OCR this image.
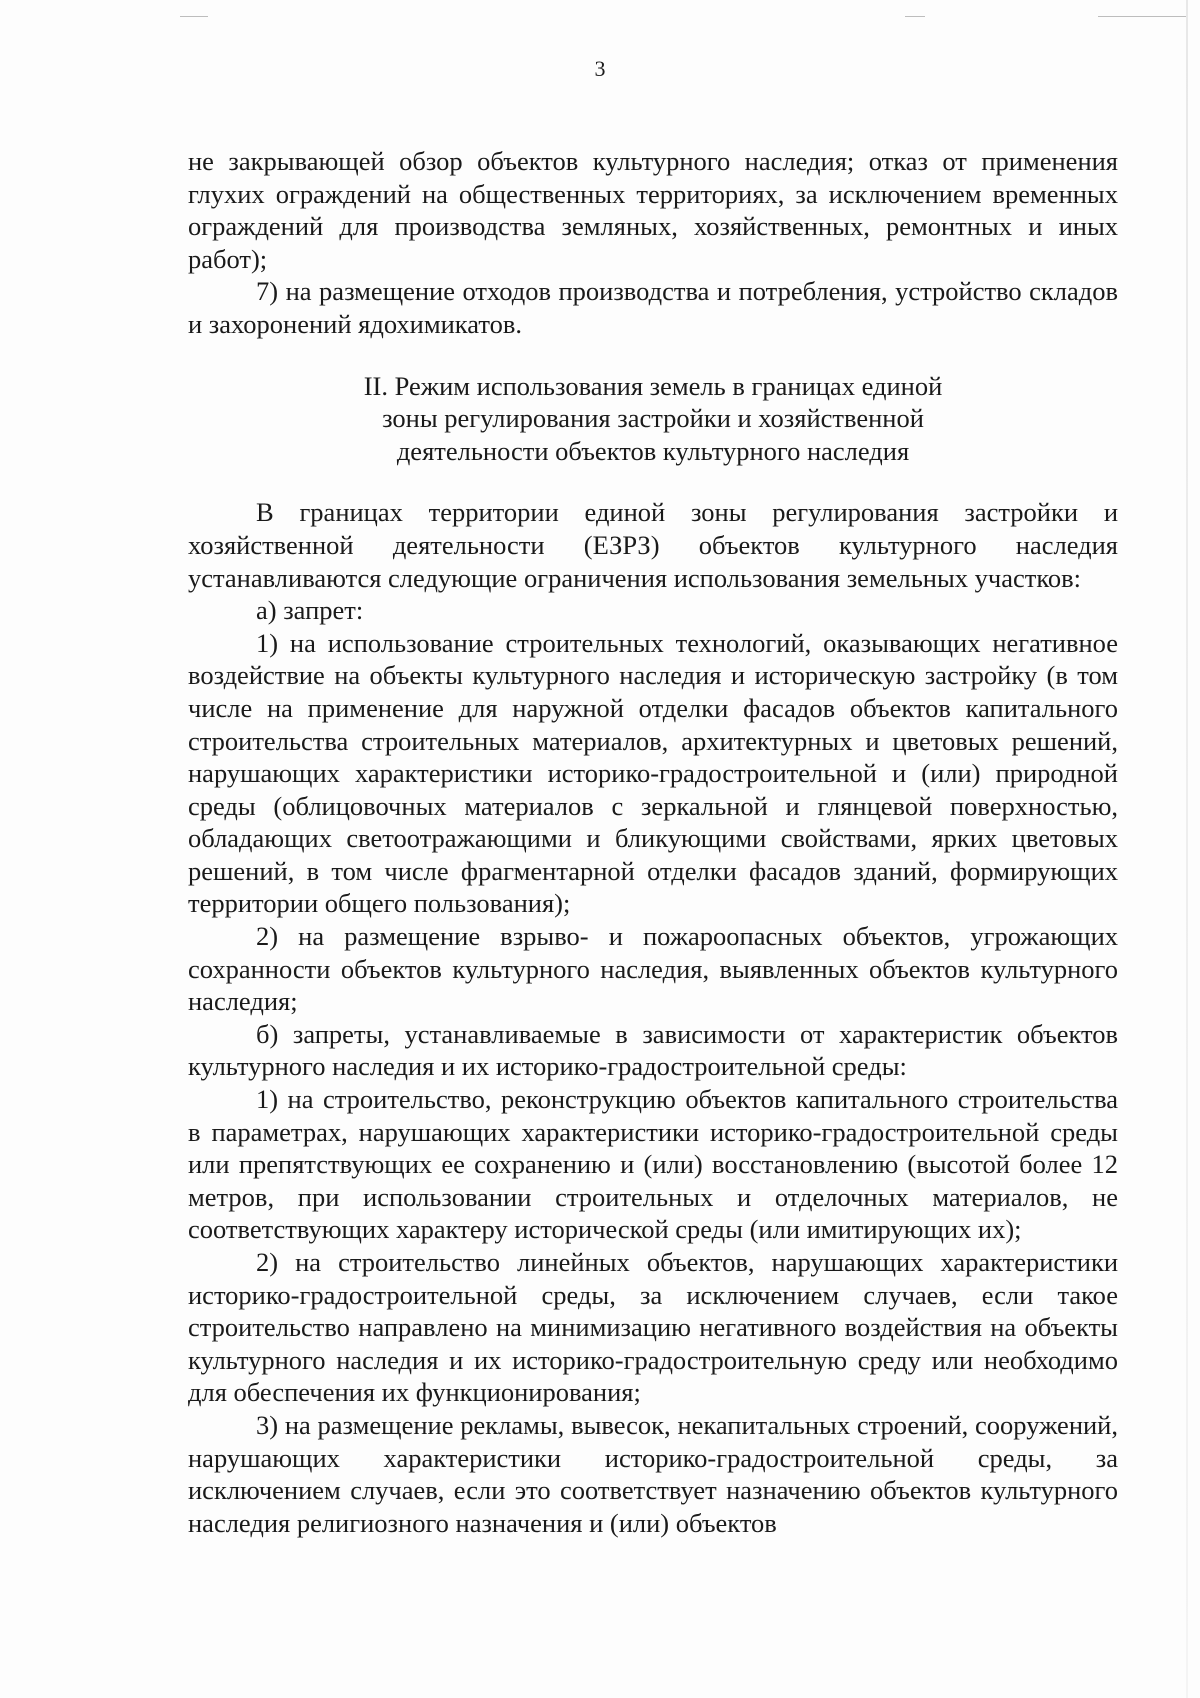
3

не закрывающей обзор объектов культурного наследия; отказ от применения глухих ограждений на общественных территориях, за исключением временных ограждений для производства земляных, хозяйственных, ремонтных и иных работ);

7) на размещение отходов производства и потребления, устройство складов и захоронений ядохимикатов.

II. Режим использования земель в границах единой
зоны регулирования застройки и хозяйственной
деятельности объектов культурного наследия

В границах территории единой зоны регулирования застройки и хозяйственной деятельности (ЕЗРЗ) объектов культурного наследия устанавливаются следующие ограничения использования земельных участков:

а) запрет:

1) на использование строительных технологий, оказывающих негативное воздействие на объекты культурного наследия и историческую застройку (в том числе на применение для наружной отделки фасадов объектов капитального строительства строительных материалов, архитектурных и цветовых решений, нарушающих характеристики историко-градостроительной и (или) природной среды (облицовочных материалов с зеркальной и глянцевой поверхностью, обладающих светоотражающими и бликующими свойствами, ярких цветовых решений, в том числе фрагментарной отделки фасадов зданий, формирующих территории общего пользования);

2) на размещение взрыво- и пожароопасных объектов, угрожающих сохранности объектов культурного наследия, выявленных объектов культурного наследия;

б) запреты, устанавливаемые в зависимости от характеристик объектов культурного наследия и их историко-градостроительной среды:

1) на строительство, реконструкцию объектов капитального строительства в параметрах, нарушающих характеристики историко-градостроительной среды или препятствующих ее сохранению и (или) восстановлению (высотой более 12 метров, при использовании строительных и отделочных материалов, не соответствующих характеру исторической среды (или имитирующих их);

2) на строительство линейных объектов, нарушающих характеристики историко-градостроительной среды, за исключением случаев, если такое строительство направлено на минимизацию негативного воздействия на объекты культурного наследия и их историко-градостроительную среду или необходимо для обеспечения их функционирования;

3) на размещение рекламы, вывесок, некапитальных строений, сооружений, нарушающих характеристики историко-градостроительной среды, за исключением случаев, если это соответствует назначению объектов культурного наследия религиозного назначения и (или) объектов
